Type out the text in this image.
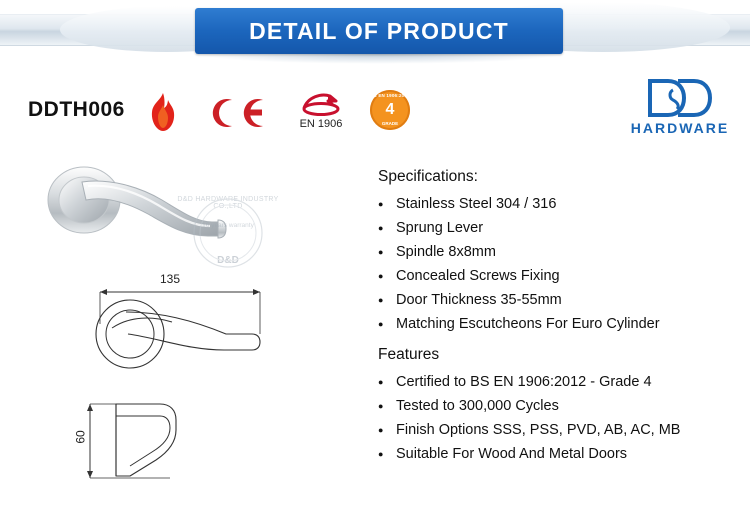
DETAIL OF PRODUCT
DDTH006
EN 1906
BS EN 1906:2012
4
GRADE	HARDWARE
D&D HARDWARE INDUSTRY CO.,LTD
16 years warranty
D&D
135
60
Specifications:
● Stainless Steel 304 / 316
● Sprung Lever
● Spindle 8x8mm
● Concealed Screws Fixing
● Door Thickness 35-55mm
● Matching Escutcheons For Euro Cylinder
Features
● Certified to BS EN 1906:2012 - Grade 4
● Tested to 300,000 Cycles
● Finish Options SSS, PSS, PVD, AB, AC, MB
● Suitable For Wood And Metal Doors
